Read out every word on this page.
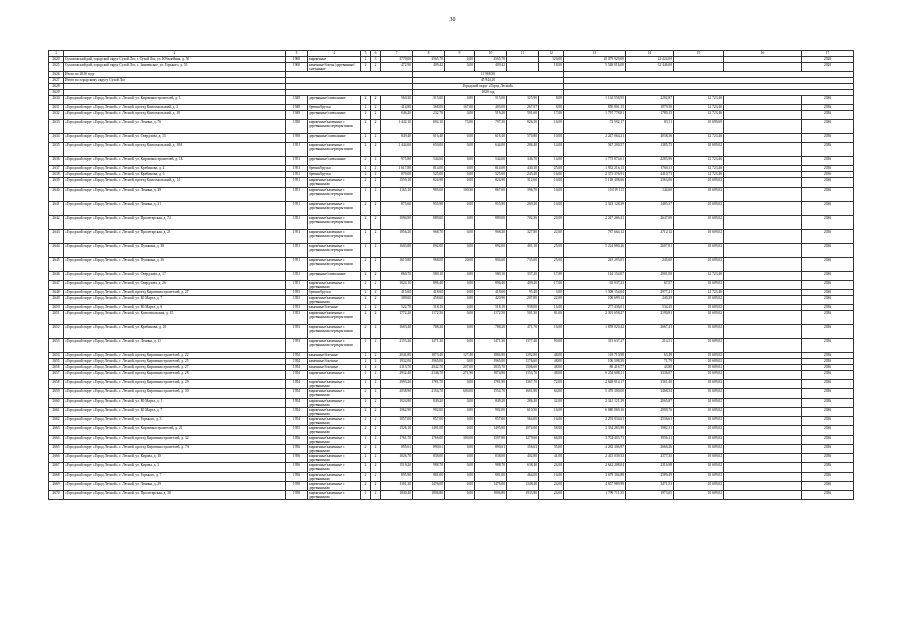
30
1	2	3	4	5	6	7	8	9	10	11	12	13	14	15	16	17
2620	Сухоложский рай, городской округ Сухой Лог, г. Сухой Лог, ул. Юбилейная, д. 50	1960	кирпичные	2	3	2779,00	2565,70	0,00	2565,70		120,00	18 079 929,00	22 424,00			2020
2625	Сухоложский рай, городской округ Сухой Лог, с. Знаменское, ул. Горького, д. 53	1960	каменные/блочн./деревянные/сметанные	2	2	472,90	409,42	0,00	409,42		18,00	5 548 016,00	12 446,00			2020
2626	Итого по 2020 году						11 968,30									
2627	Итого по городскому округу Сухой Лог						45 944,10									
2628							Городской округ «Город Лесной»									
2629							2020 год									
2630	«Городской округ «Город Лесной», г. Лесной, ул. Кирпичностроителей, д. 1	1949	деревянные/смешанные	2	2	560,30	515,00	0,00	515,00	325,90	8,00	1 134 558,95	2202,87	12 723,46		2036
2631	«Городской округ «Город Лесной», г. Лесной, проезд Комсомольский, д. 2	1948	бревна/брусья	2	2	414,80	368,00	167,00	403,00	267,07	8,00	850 801,15	1879,50	12 723,46		2036
2632	«Городской округ «Город Лесной», г. Лесной, проезд Комсомольский, д. 18	1949	деревянные/смешанные	2	2	846,20	232,70	0,00	516,20	591,60	17,00	1 797 778,81	1780,15	12 723,46		2036
2633	«Городской округ «Город Лесной», г. Лесной, ул. Ленина, д. 76	1950	кирпичные/каменные с деревянными перекрытиями	2	2	1 442,10	802,10	73,80	797,30	826,50	16,00	72 592,17	83,11	10 699,69		2036
2634	«Городской округ «Город Лесной», г. Лесной, ул. Свердлова, д. 15	1950	деревянные/смешанные	2	2	849,40	616,40	0,00	616,40	570,80	10,00	2 247 064,21	4038,36	12 723,46		2036
2635	«Городской округ «Город Лесной», г. Лесной, проезд Комсомольский, д. 18А	1951	кирпичные/каменные с деревянными перекрытиями	2	2	1 444,60	650,00	0,00	644,00	286,40	14,00	547 200,57	1385,75	10 609,02		2036
2636	«Городской округ «Город Лесной», г. Лесной, ул. Кирпичностроителей, д. 1Б	1951	деревянные/смешанные	2	2	975,80	544,60	0,00	544,60	346,70	14,00	1 773 874,61	2283,96	12 723,46		2036
2637	«Городской округ «Город Лесной», г. Лесной, ул. Кребинова, д. 4	1951	бревна/брусья	2	2	1 617,80	814,00	0,00	814,00	440,30	25,00	1 932 216,13	1760,11	12 723,46		2036
2638	«Городской округ «Город Лесной», г. Лесной, ул. Кребинова, д. 6	1951	бревна/брусья	2	2	879,00	525,00	0,00	525,00	245,40	16,00	2 373 376,91	4410,73	12 723,46		2036
2639	«Городской округ «Город Лесной», г. Лесной, проезд Комсомольский, д. 14	1951	кирпичные/каменные с деревянными	2	2	1550,10	824,90	0,00	824,90	312,60	16,00	5 128 408,66	2363,06	10 609,02		2036
2640	«Городской округ «Город Лесной», г. Лесной, ул. Ленина, д. 28	1951	кирпичные/каменные с деревянными перекрытиями	2	2	1165,10	985,60	100,30	867,60	396,70	16,00	10 019 115	144,60	10 609,02		2036
2641	«Городской округ «Город Лесной», г. Лесной, ул. Ленина, д. 21	1951	кирпичные/каменные с деревянными перекрытиями	2	2	875,60	955,90	0,00	955,90	269,20	16,00	3 343 128,29	1485,57	10 609,02		2036
2642	«Городской округ «Город Лесной», г. Лесной, ул. Пролетарская, д. 74	1951	кирпичные/каменные с деревянными перекрытиями	2	2	1094,80	889,00	0,00	889,00	702,36	20,00	2 247 266,41	2647,00	10 609,02		2036
2643	«Городской округ «Город Лесной», г. Лесной, ул. Пролетарская, д. 21	1951	кирпичные/каменные с деревянными перекрытиями	2	2	1856,20	968,70	0,00	968,20	327,80	22,00	787 664,12	2712,12	10 609,02		2036
2644	«Городской округ «Город Лесной», г. Лесной, ул. Пушкина, д. 38	1951	кирпичные/каменные с деревянными перекрытиями	2	2	1603,80	892,00	0,00	892,00	401,10	25,00	5 224 880,26	2607,81	10 609,02		2036
2645	«Городской округ «Город Лесной», г. Лесной, ул. Пушкина, д. 36	1951	кирпичные/каменные с деревянными перекрытиями	2	2	1610,80	968,00	20,00	904,60	735,00	25,00	245 293,05	245,00	10 609,02		2036
2646	«Городской округ «Город Лесной», г. Лесной, ул. Свердлова, д. 17	1951	деревянные/смешанные	2	2	860,70	580,10	0,00	580,10	337,20	17,00	144 154,07	2901,00	12 723,46		2036
2647	«Городской округ «Город Лесной», г. Лесной, ул. Свердлова, д. 26	1951	кирпичные/каменные с деревянными	2	2	1024,10	896,40	0,00	896,40	409,20	17,00	65 037,23	67,57	10 609,02		2036
2648	«Городской округ «Город Лесной», г. Лесной, проезд Кирпичностроителей, д. 2Г	1953	бревна/брусья	2	2	415,60	418,60	0,00	418,60	95,40	3,00	1 508 154,04	2977,21	12 723,46		2036
2649	«Городской округ «Город Лесной», г. Лесной, ул. Ю.Марта, д. 7	1953	кирпичные/каменные с деревянными	2	2	309,00	458,60	0,00	420,90	207,80	22,00	100 699,14	240,29	10 609,02		2036
2650	«Городской округ «Город Лесной», г. Лесной, ул. Ю.Марта, д. 6	1953	каменные/блочные	2	2	522,70	518,10	0,00	518,10	938,00	16,00	277 436,01	534,45	10 609,02		2036
2651	«Городской округ «Город Лесной», г. Лесной, ул. Комсомольская, д. 15	1953	кирпичные/каменные с деревянными перекрытиями	2	2	1772,20	1172,50	0,00	1172,50	501,30	81,00	2 301 658,27	2190,81	10 609,02		2036
2652	«Городской округ «Город Лесной», г. Лесной, ул. Кребинова, д. 10	1953	кирпичные/каменные с деревянными перекрытиями	2	2	1603,40	788,20	0,00	788,20	471,70	16,00	1 859 020,42	2667,41	10 609,02		2036
2653	«Городской округ «Город Лесной», г. Лесной, ул. Ленина, д. 11	1953	кирпичные/каменные с деревянными перекрытиями	2	2	2153,20	1471,30	0,00	1471,30	1377,40	90,00	315 637,27	214,51	10 609,02		2036
2654	«Городской округ «Город Лесной», г. Лесной, проезд Кирпичностроителей, д. 22	1954	каменные/блочные	2	2	2041,80	1873,40	127,40	1884,90	1292,80	48,00	118 710,98	63,49	10 609,02		2036
2655	«Городской округ «Город Лесной», г. Лесной, проезд Кирпичностроителей, д. 25	1954	каменные/блочные	2	2	1932,00	1965,00	0,00	1965,00	1176,60	48,00	106 308,50	71,79	10 609,02		2036
2656	«Городской округ «Город Лесной», г. Лесной, проезд Кирпичностроителей, д. 27	1954	каменные/блочные	2	2	2113,70	2042,70	207,00	1835,70	1506,60	48,00	80 416,77	43,80	10 609,02		2036
2657	«Городской округ «Город Лесной», г. Лесной, проезд Кирпичностроителей, д. 28	1954	кирпичные/каменные с	2	2	2932,40	2146,70	271,90	1874,80	1153,70	48,00	6 254 608,11	3336,07	10 609,02		2036
2658	«Городской округ «Город Лесной», г. Лесной, проезд Кирпичностроителей, д. 29	1954	кирпичные/каменные с деревянными	2	2	2993,20	1781,70	0,00	1781,90	1367,70	72,00	2 648 914,17	1361,40	10 609,02		2036
2659	«Городской округ «Город Лесной», г. Лесной, проезд Кирпичностроителей, д. 30	1954	кирпичные/каменные с деревянными	2	2	2038,90	2154,70	600,00	1554,70	1601,80	64,00	5 470 300,00	3468,54	10 609,02		2036
2660	«Городской округ «Город Лесной», г. Лесной, ул. Ю.Марта, д. 1	1954	кирпичные/каменные с деревянными	2	2	1024,80	849,20	0,00	849,20	286,20	32,00	2 341 121,39	2065,87	10 609,02		2036
2661	«Городской округ «Город Лесной», г. Лесной, ул. Ю.Марта, д. 7	1954	кирпичные/каменные с деревянными	2	2	1062,90	902,00	0,00	902,00	610,30	16,00	6 080 069,16	2909,76	10 609,02		2036
2662	«Городской округ «Город Лесной», г. Лесной, ул. Горького, д. 3	1954	кирпичные/каменные с деревянными	2	2	1057,00	857,00	0,00	857,00	564,00	16,00	2 293 834,61	2536,61	10 609,02		2036
2663	«Городской округ «Город Лесной», г. Лесной, ул. Кирпичностроителей, д. 21	1955	кирпичные/каменные с деревянными	2	2	1526,10	1491,00	0,00	1495,00	1074,00	58,00	3 334 283,98	1982,31	10 609,02		2036
2664	«Городской округ «Город Лесной», г. Лесной, проезд Кирпичностроителей, д. 32	1956	кирпичные/каменные с деревянными	2	2	1761,70	1766,00	300,00	1597,80	1279,60	66,00	3 702 403,73	1956,11	10 609,02		2036
2665	«Городской округ «Город Лесной», г. Лесной, проезд Кирпичностроителей, д. 7А	1956	кирпичные/каменные с деревянными	2	2	895,61	890,61	0,00	890,61	356,63	35,00	4 282 306,97	2666,26	10 609,02		2036
2666	«Городской округ «Город Лесной», г. Лесной, ул. Кирова, д. 10	1956	кирпичные/каменные с деревянными	2	2	1026,70	838,00	0,00	838,00	402,80	41,00	2 415 039,52	2377,35	10 609,02		2036
2667	«Городской округ «Город Лесной», г. Лесной, ул. Кирова, д. 3	1956	кирпичные/каменные с деревянными	2	2	1519,20	988,70	0,00	988,70	638,40	24,00	2 642 208,04	2316,98	10 609,02		2036
2668	«Городской округ «Город Лесной», г. Лесной, ул. Горького, д. 7	1956	кирпичные/каменные с деревянными	2	2	895,90	881,00	0,00	881,00	464,00	16,00	3 678 304,88	2589,49	10 609,02		2036
2669	«Городской округ «Город Лесной», г. Лесной, ул. Ленина, д. 29	1958	кирпичные/каменные с деревянными	2	2	1301,30	1476,00	0,00	1476,00	1348,40	24,00	4 657 989,99	3471,53	10 609,02		2036
2670	«Городской округ «Город Лесной», г. Лесной, ул. Пролетарская, д. 30	1958	кирпичные/каменные с деревянными	2	2	1840,40	1806,80	0,00	1806,80	1933,90	24,00	1 799 711,35	1973,05	10 609,02		2036
